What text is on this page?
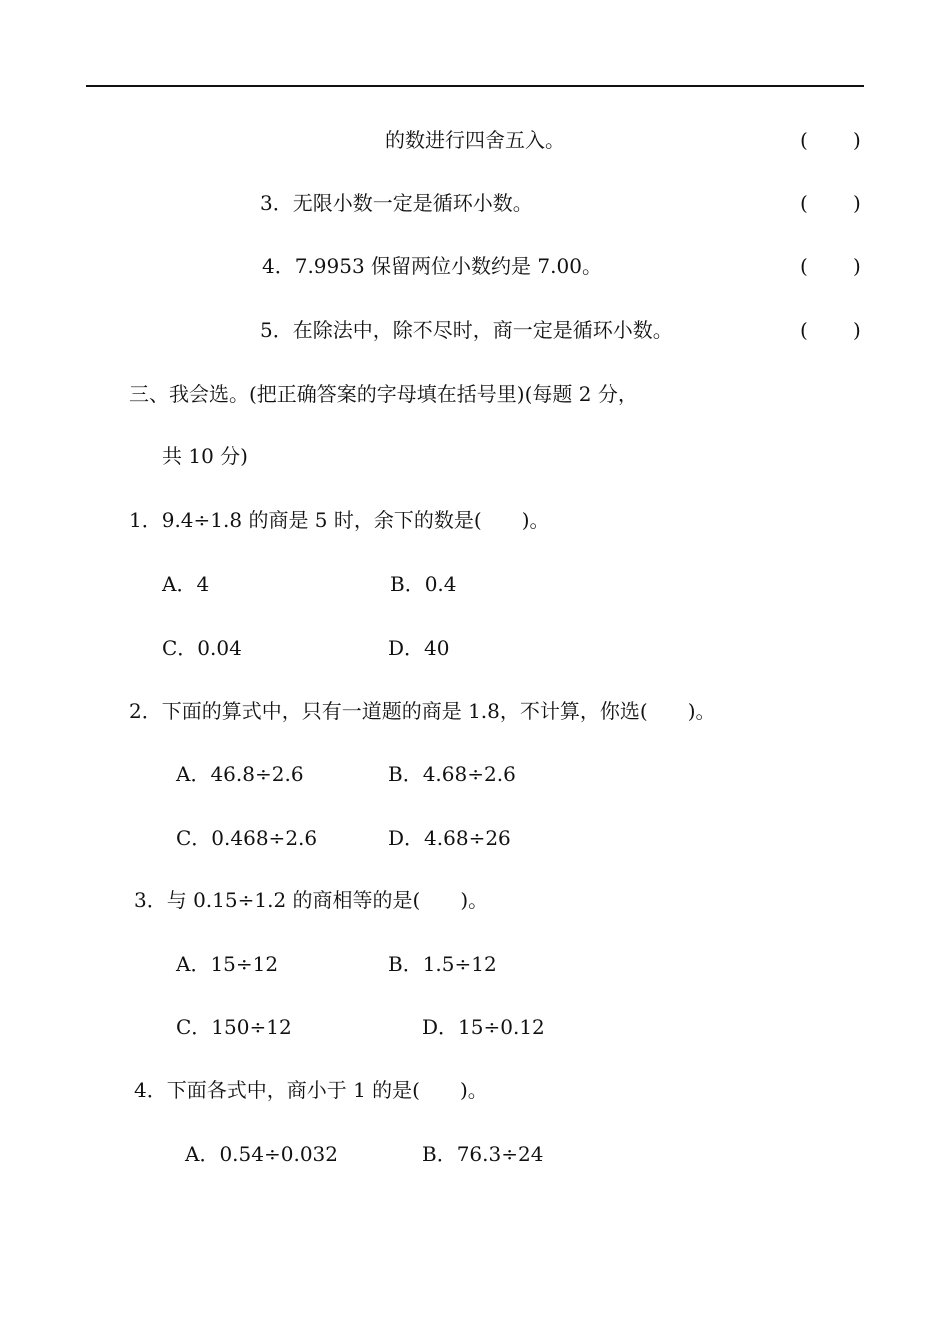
的数进行四舍五入。	( )
3．无限小数一定是循环小数。	( )
4．7.9953 保留两位小数约是 7.00。	( )
5．在除法中，除不尽时，商一定是循环小数。	( )
三、我会选。(把正确答案的字母填在括号里)(每题 2 分，
共 10 分)
1．9.4÷1.8 的商是 5 时，余下的数是(　　)。
A．4	B．0.4
C．0.04	D．40
2．下面的算式中，只有一道题的商是 1.8，不计算，你选(　　)。
A．46.8÷2.6	B．4.68÷2.6
C．0.468÷2.6	D．4.68÷26
3．与 0.15÷1.2 的商相等的是(　　)。
A．15÷12	B．1.5÷12
C．150÷12	D．15÷0.12
4．下面各式中，商小于 1 的是(　　)。
A．0.54÷0.032	B．76.3÷24
